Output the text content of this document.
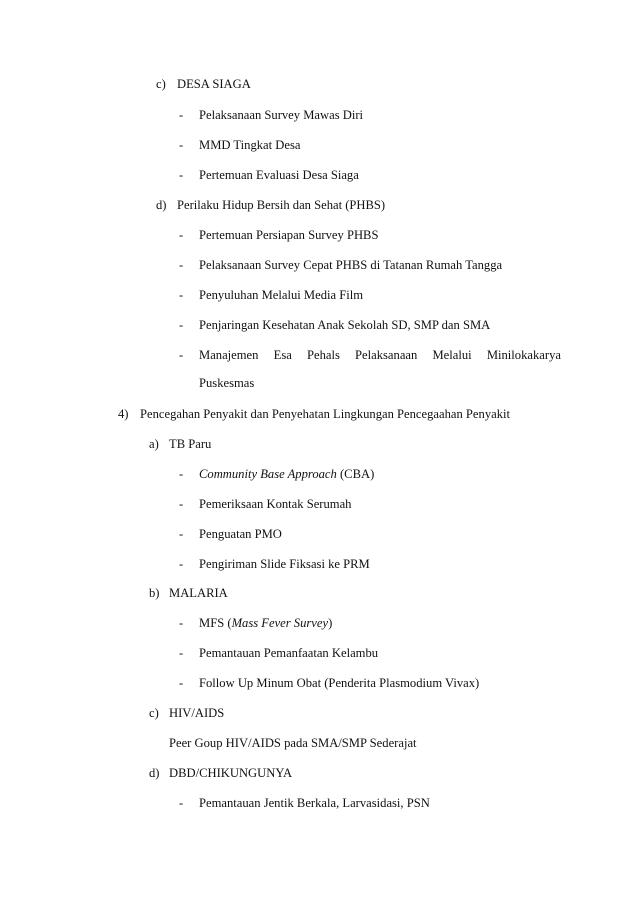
c) DESA SIAGA
- Pelaksanaan Survey Mawas Diri
- MMD Tingkat Desa
- Pertemuan Evaluasi Desa Siaga
d) Perilaku Hidup Bersih dan Sehat (PHBS)
- Pertemuan Persiapan Survey PHBS
- Pelaksanaan Survey Cepat PHBS di Tatanan Rumah Tangga
- Penyuluhan Melalui Media Film
- Penjaringan Kesehatan Anak Sekolah SD, SMP dan SMA
- Manajemen Esa Pehals Pelaksanaan Melalui Minilokakarya
Puskesmas
4) Pencegahan Penyakit dan Penyehatan Lingkungan Pencegaahan Penyakit
a) TB Paru
- Community Base Approach (CBA)
- Pemeriksaan Kontak Serumah
- Penguatan PMO
- Pengiriman Slide Fiksasi ke PRM
b) MALARIA
- MFS (Mass Fever Survey)
- Pemantauan Pemanfaatan Kelambu
- Follow Up Minum Obat (Penderita Plasmodium Vivax)
c) HIV/AIDS
Peer Goup HIV/AIDS pada SMA/SMP Sederajat
d) DBD/CHIKUNGUNYA
- Pemantauan Jentik Berkala, Larvasidasi, PSN
